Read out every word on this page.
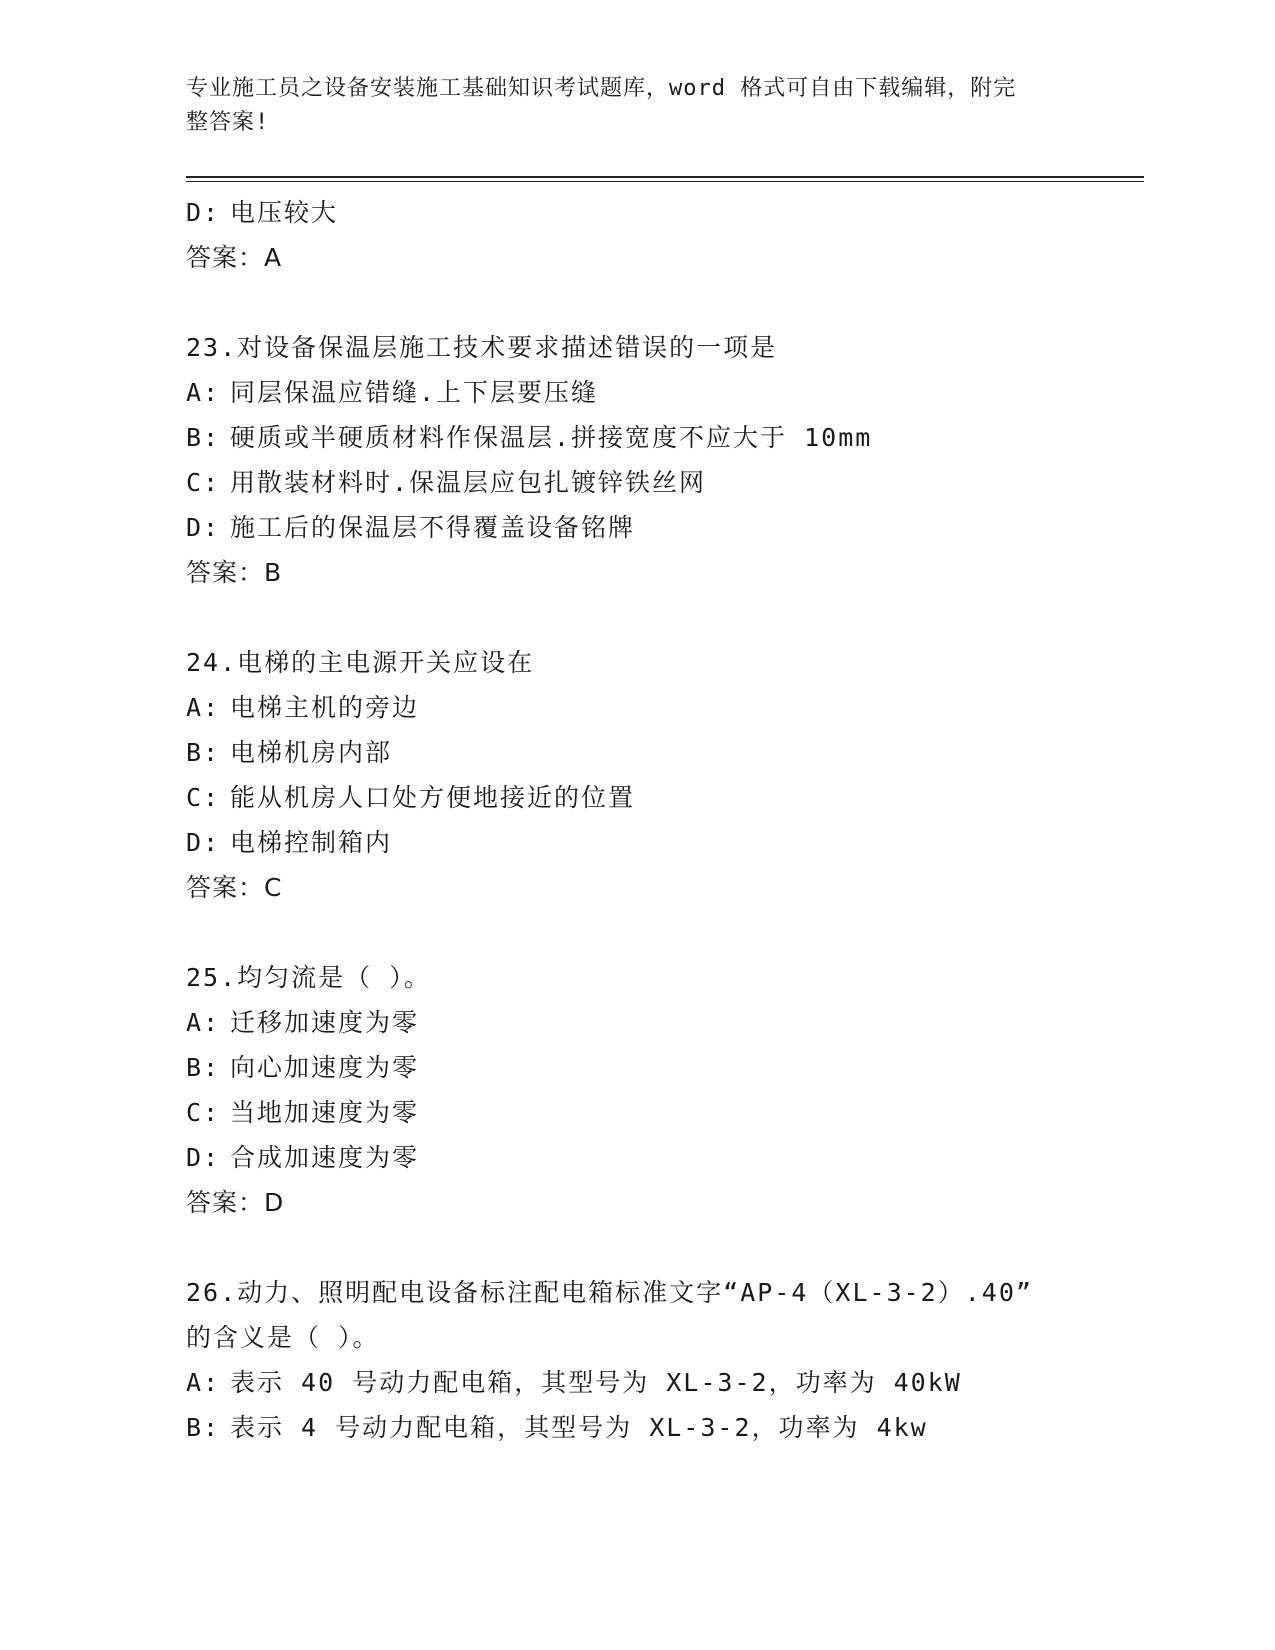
专业施工员之设备安装施工基础知识考试题库，word 格式可自由下载编辑，附完
整答案!
D: 电压较大
答案：A
23.对设备保温层施工技术要求描述错误的一项是
A: 同层保温应错缝.上下层要压缝
B: 硬质或半硬质材料作保温层.拼接宽度不应大于 10mm
C: 用散装材料时.保温层应包扎镀锌铁丝网
D: 施工后的保温层不得覆盖设备铭牌
答案：B
24.电梯的主电源开关应设在
A: 电梯主机的旁边
B: 电梯机房内部
C: 能从机房人口处方便地接近的位置
D: 电梯控制箱内
答案：C
25.均匀流是（ ）。
A: 迁移加速度为零
B: 向心加速度为零
C: 当地加速度为零
D: 合成加速度为零
答案：D
26.动力、照明配电设备标注配电箱标准文字“AP-4（XL-3-2）.40”
的含义是（ ）。
A: 表示 40 号动力配电箱，其型号为 XL-3-2，功率为 40kW
B: 表示 4 号动力配电箱，其型号为 XL-3-2，功率为 4kw
